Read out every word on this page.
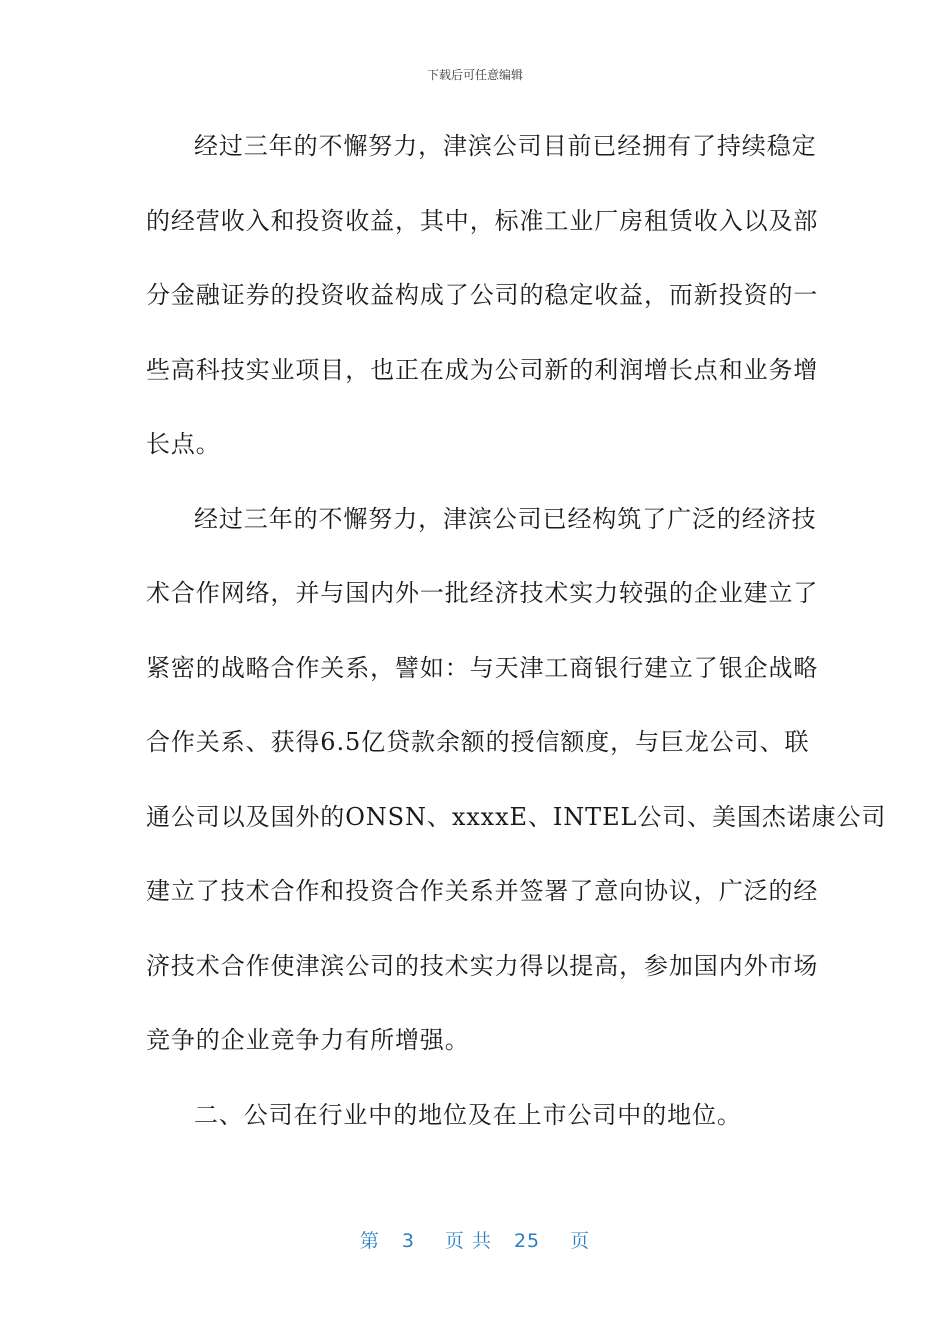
下载后可任意编辑
经过三年的不懈努力，津滨公司目前已经拥有了持续稳定
的经营收入和投资收益，其中，标准工业厂房租赁收入以及部
分金融证券的投资收益构成了公司的稳定收益，而新投资的一
些高科技实业项目，也正在成为公司新的利润增长点和业务增
长点。
经过三年的不懈努力，津滨公司已经构筑了广泛的经济技
术合作网络，并与国内外一批经济技术实力较强的企业建立了
紧密的战略合作关系，譬如：与天津工商银行建立了银企战略
合作关系、获得6.5亿贷款余额的授信额度，与巨龙公司、联
通公司以及国外的ONSN、xxxxE、INTEL公司、美国杰诺康公司
建立了技术合作和投资合作关系并签署了意向协议，广泛的经
济技术合作使津滨公司的技术实力得以提高，参加国内外市场
竞争的企业竞争力有所增强。
二、公司在行业中的地位及在上市公司中的地位。
第 3 页 共 25 页
